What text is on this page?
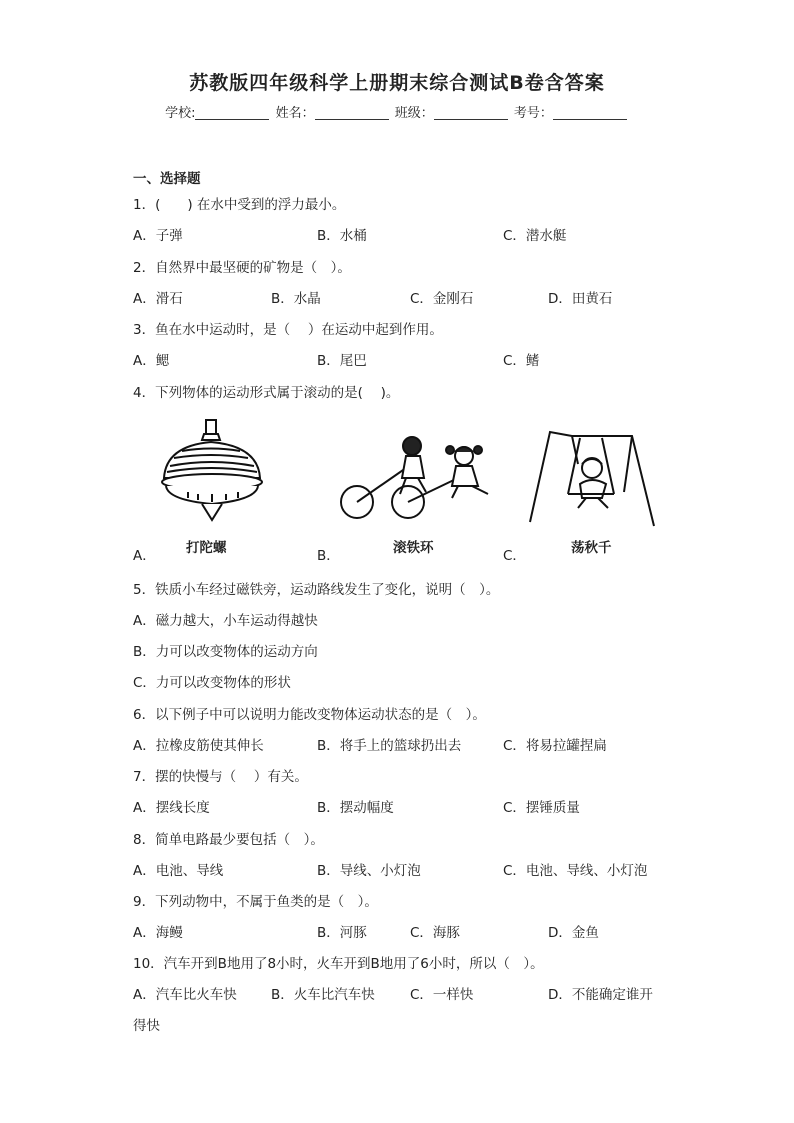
苏教版四年级科学上册期末综合测试B卷含答案
学校:	姓名：	班级：	考号：
一、选择题
1．(　　) 在水中受到的浮力最小。
A．子弹	B．水桶	C．潜水艇
2．自然界中最坚硬的矿物是（　）。
A．滑石	B．水晶	C．金刚石	D．田黄石
3．鱼在水中运动时，是（　 ）在运动中起到作用。
A．鳃	B．尾巴	C．鳍
4．下列物体的运动形式属于滚动的是(　 )。
A． 打陀螺	B．	滚铁环	C．	荡秋千
5．铁质小车经过磁铁旁，运动路线发生了变化，说明（　）。
A．磁力越大，小车运动得越快
B．力可以改变物体的运动方向
C．力可以改变物体的形状
6．以下例子中可以说明力能改变物体运动状态的是（　）。
A．拉橡皮筋使其伸长	B．将手上的篮球扔出去	C．将易拉罐捏扁
7．摆的快慢与（　 ）有关。
A．摆线长度	B．摆动幅度	C．摆锤质量
8．简单电路最少要包括（　）。
A．电池、导线	B．导线、小灯泡	C．电池、导线、小灯泡
9．下列动物中，不属于鱼类的是（　）。
A．海鳗	B．河豚	C．海豚	D．金鱼
10．汽车开到B地用了8小时，火车开到B地用了6小时，所以（　）。
A．汽车比火车快	B．火车比汽车快	C．一样快	D．不能确定谁开
得快
